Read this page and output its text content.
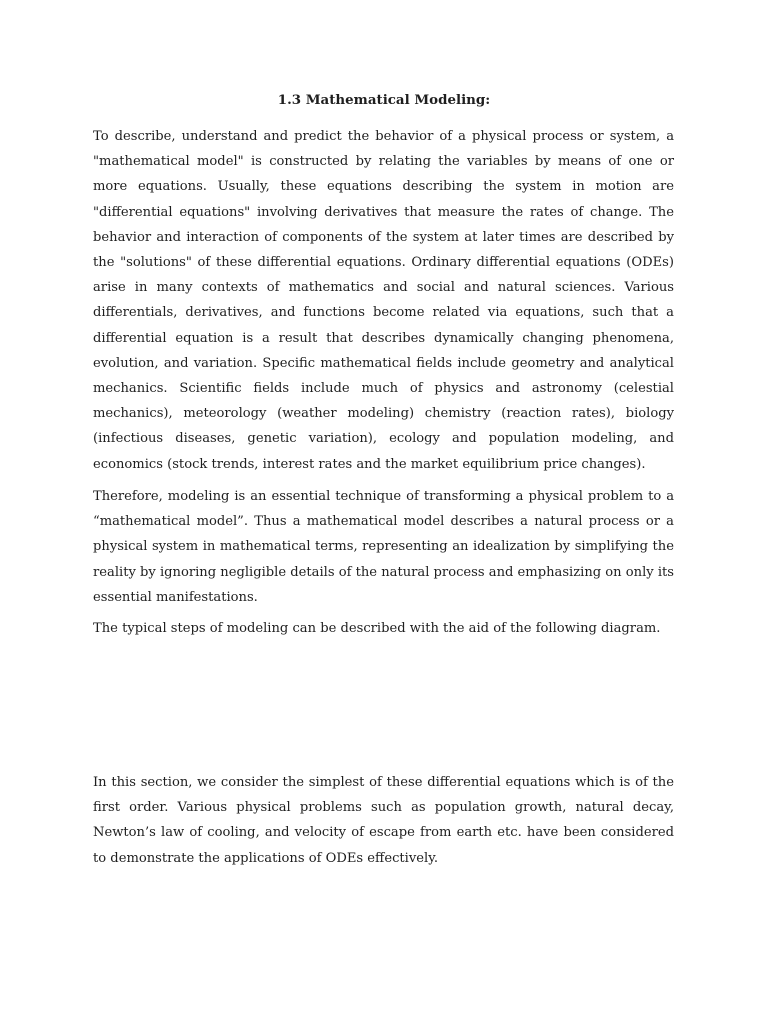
1.3 Mathematical Modeling:

To describe, understand and predict the behavior of a physical process or system, a "mathematical model" is constructed by relating the variables by means of one or more equations. Usually, these equations describing the system in motion are "differential equations" involving derivatives that measure the rates of change. The behavior and interaction of components of the system at later times are described by the "solutions" of these differential equations. Ordinary differential equations (ODEs) arise in many contexts of mathematics and social and natural sciences. Various differentials, derivatives, and functions become related via equations, such that a differential equation is a result that describes dynamically changing phenomena, evolution, and variation. Specific mathematical fields include geometry and analytical mechanics. Scientific fields include much of physics and astronomy (celestial mechanics), meteorology (weather modeling) chemistry (reaction rates), biology (infectious diseases, genetic variation), ecology and population modeling, and economics (stock trends, interest rates and the market equilibrium price changes).

Therefore, modeling is an essential technique of transforming a physical problem to a “mathematical model”. Thus a mathematical model describes a natural process or a physical system in mathematical terms, representing an idealization by simplifying the reality by ignoring negligible details of the natural process and emphasizing on only its essential manifestations.

The typical steps of modeling can be described with the aid of the following diagram.

In this section, we consider the simplest of these differential equations which is of the first order. Various physical problems such as population growth, natural decay, Newton’s law of cooling, and velocity of escape from earth etc. have been considered to demonstrate the applications of ODEs effectively.
